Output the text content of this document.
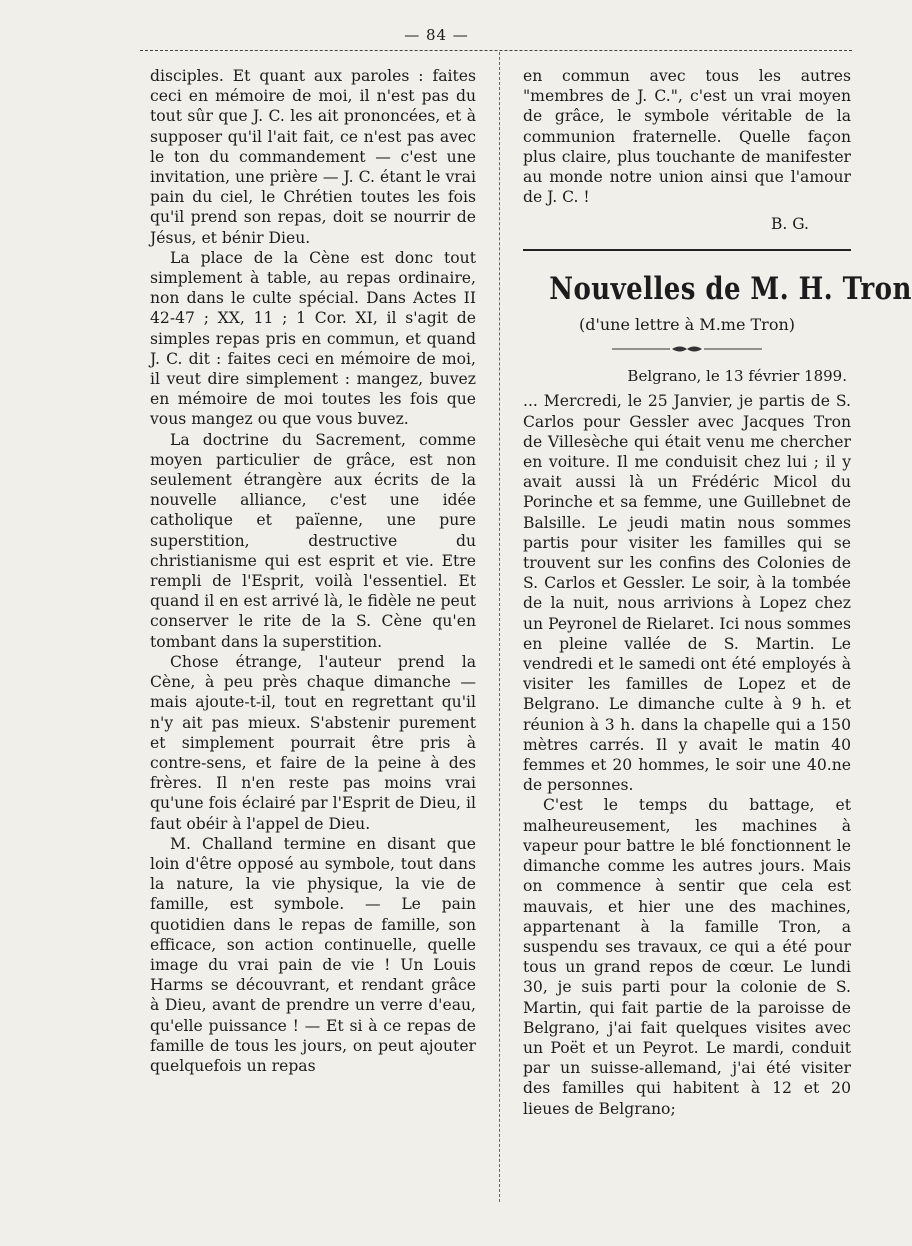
— 84 —

disciples. Et quant aux paroles : faites ceci en mémoire de moi, il n'est pas du tout sûr que J. C. les ait prononcées, et à supposer qu'il l'ait fait, ce n'est pas avec le ton du commandement — c'est une invitation, une prière — J. C. étant le vrai pain du ciel, le Chrétien toutes les fois qu'il prend son repas, doit se nourrir de Jésus, et bénir Dieu.

La place de la Cène est donc tout simplement à table, au repas ordinaire, non dans le culte spécial. Dans Actes II 42-47 ; XX, 11 ; 1 Cor. XI, il s'agit de simples repas pris en commun, et quand J. C. dit : faites ceci en mémoire de moi, il veut dire simplement : mangez, buvez en mémoire de moi toutes les fois que vous mangez ou que vous buvez.

La doctrine du Sacrement, comme moyen particulier de grâce, est non seulement étrangère aux écrits de la nouvelle alliance, c'est une idée catholique et païenne, une pure superstition, destructive du christianisme qui est esprit et vie. Etre rempli de l'Esprit, voilà l'essentiel. Et quand il en est arrivé là, le fidèle ne peut conserver le rite de la S. Cène qu'en tombant dans la superstition.

Chose étrange, l'auteur prend la Cène, à peu près chaque dimanche — mais ajoute-t-il, tout en regrettant qu'il n'y ait pas mieux. S'abstenir purement et simplement pourrait être pris à contre-sens, et faire de la peine à des frères. Il n'en reste pas moins vrai qu'une fois éclairé par l'Esprit de Dieu, il faut obéir à l'appel de Dieu.

M. Challand termine en disant que loin d'être opposé au symbole, tout dans la nature, la vie physique, la vie de famille, est symbole. — Le pain quotidien dans le repas de famille, son efficace, son action continuelle, quelle image du vrai pain de vie ! Un Louis Harms se découvrant, et rendant grâce à Dieu, avant de prendre un verre d'eau, qu'elle puissance ! — Et si à ce repas de famille de tous les jours, on peut ajouter quelquefois un repas

en commun avec tous les autres "membres de J. C.", c'est un vrai moyen de grâce, le symbole véritable de la communion fraternelle. Quelle façon plus claire, plus touchante de manifester au monde notre union ainsi que l'amour de J. C. !

B. G.
Nouvelles de M. H. Tron
(d'une lettre à M.me Tron)
Belgrano, le 13 février 1899.

... Mercredi, le 25 Janvier, je partis de S. Carlos pour Gessler avec Jacques Tron de Villesèche qui était venu me chercher en voiture. Il me conduisit chez lui ; il y avait aussi là un Frédéric Micol du Porinche et sa femme, une Guillebnet de Balsille. Le jeudi matin nous sommes partis pour visiter les familles qui se trouvent sur les confins des Colonies de S. Carlos et Gessler. Le soir, à la tombée de la nuit, nous arrivions à Lopez chez un Peyronel de Rielaret. Ici nous sommes en pleine vallée de S. Martin. Le vendredi et le samedi ont été employés à visiter les familles de Lopez et de Belgrano. Le dimanche culte à 9 h. et réunion à 3 h. dans la chapelle qui a 150 mètres carrés. Il y avait le matin 40 femmes et 20 hommes, le soir une 40.ne de personnes.

C'est le temps du battage, et malheureusement, les machines à vapeur pour battre le blé fonctionnent le dimanche comme les autres jours. Mais on commence à sentir que cela est mauvais, et hier une des machines, appartenant à la famille Tron, a suspendu ses travaux, ce qui a été pour tous un grand repos de cœur. Le lundi 30, je suis parti pour la colonie de S. Martin, qui fait partie de la paroisse de Belgrano, j'ai fait quelques visites avec un Poët et un Peyrot. Le mardi, conduit par un suisse-allemand, j'ai été visiter des familles qui habitent à 12 et 20 lieues de Belgrano;
